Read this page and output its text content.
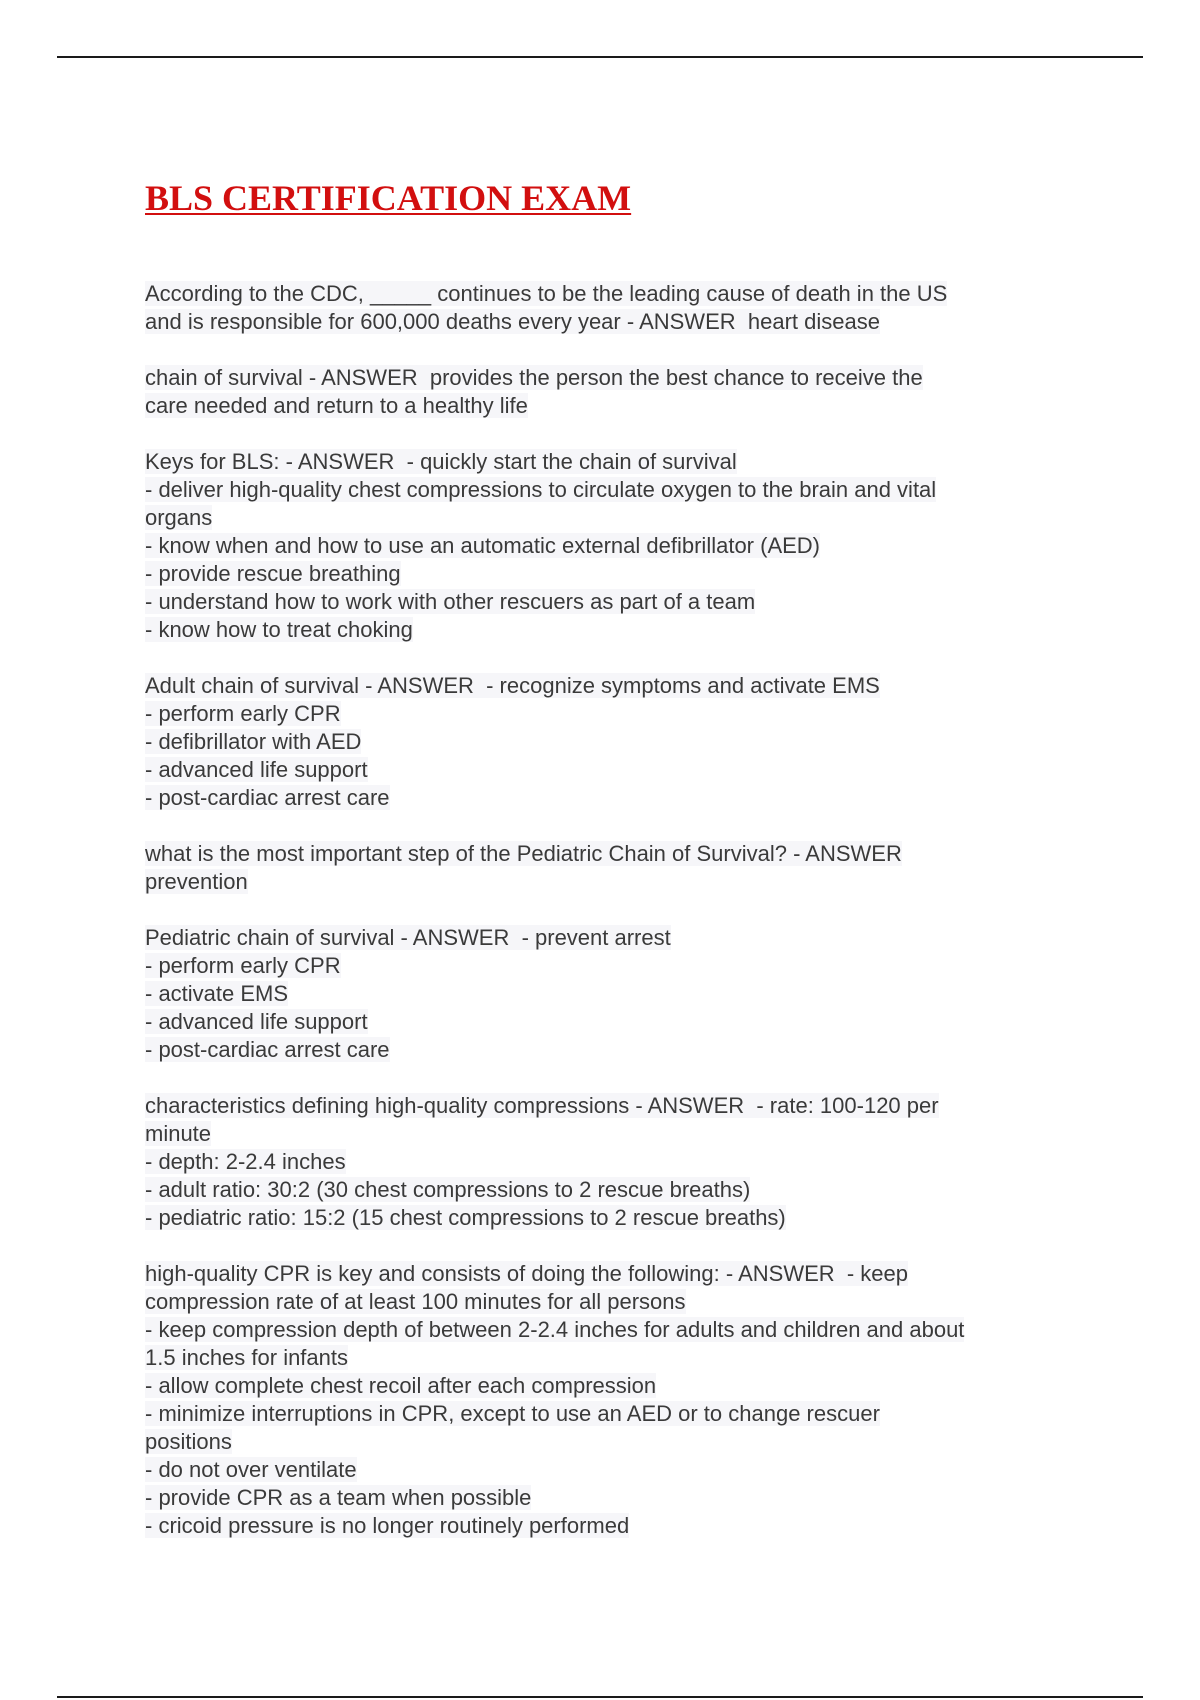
BLS CERTIFICATION EXAM
According to the CDC, _____ continues to be the leading cause of death in the US
and is responsible for 600,000 deaths every year - ANSWER  heart disease
chain of survival - ANSWER  provides the person the best chance to receive the
care needed and return to a healthy life
Keys for BLS: - ANSWER  - quickly start the chain of survival
- deliver high-quality chest compressions to circulate oxygen to the brain and vital
organs
- know when and how to use an automatic external defibrillator (AED)
- provide rescue breathing
- understand how to work with other rescuers as part of a team
- know how to treat choking
Adult chain of survival - ANSWER  - recognize symptoms and activate EMS
- perform early CPR
- defibrillator with AED
- advanced life support
- post-cardiac arrest care
what is the most important step of the Pediatric Chain of Survival? - ANSWER
prevention
Pediatric chain of survival - ANSWER  - prevent arrest
- perform early CPR
- activate EMS
- advanced life support
- post-cardiac arrest care
characteristics defining high-quality compressions - ANSWER  - rate: 100-120 per
minute
- depth: 2-2.4 inches
- adult ratio: 30:2 (30 chest compressions to 2 rescue breaths)
- pediatric ratio: 15:2 (15 chest compressions to 2 rescue breaths)
high-quality CPR is key and consists of doing the following: - ANSWER  - keep
compression rate of at least 100 minutes for all persons
- keep compression depth of between 2-2.4 inches for adults and children and about
1.5 inches for infants
- allow complete chest recoil after each compression
- minimize interruptions in CPR, except to use an AED or to change rescuer
positions
- do not over ventilate
- provide CPR as a team when possible
- cricoid pressure is no longer routinely performed
